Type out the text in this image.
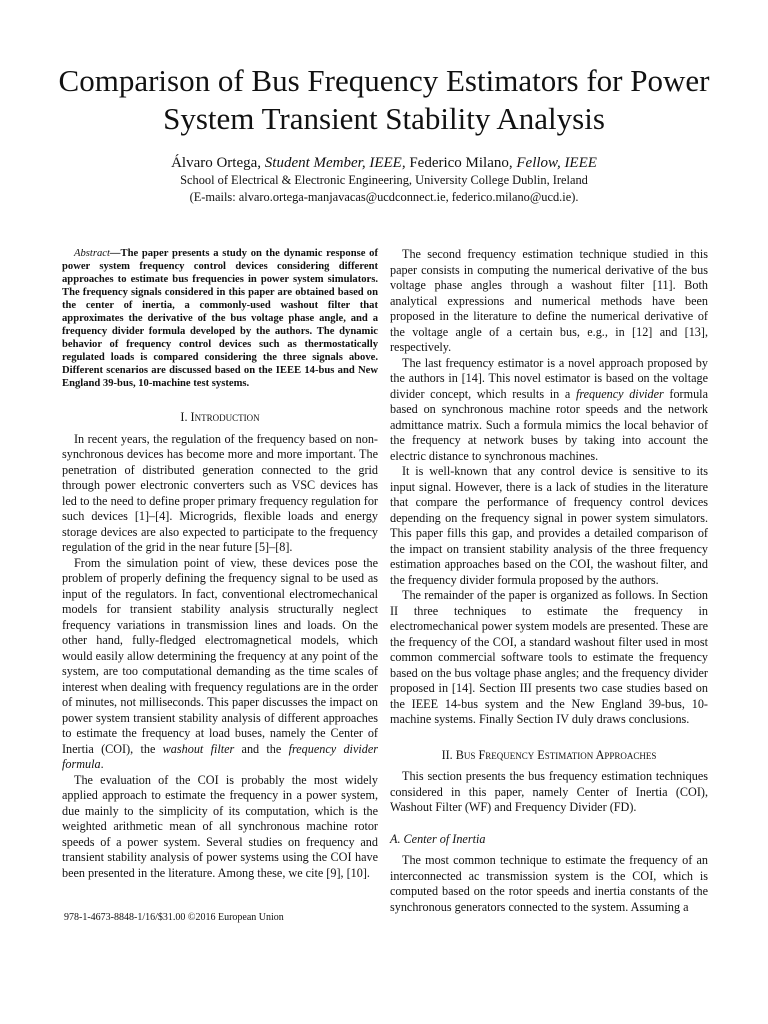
Comparison of Bus Frequency Estimators for Power System Transient Stability Analysis
Álvaro Ortega, Student Member, IEEE, Federico Milano, Fellow, IEEE
School of Electrical & Electronic Engineering, University College Dublin, Ireland
(E-mails: alvaro.ortega-manjavacas@ucdconnect.ie, federico.milano@ucd.ie).

Abstract—The paper presents a study on the dynamic response of power system frequency control devices considering different approaches to estimate bus frequencies in power system simulators. The frequency signals considered in this paper are obtained based on the center of inertia, a commonly-used washout filter that approximates the derivative of the bus voltage phase angle, and a frequency divider formula developed by the authors. The dynamic behavior of frequency control devices such as thermostatically regulated loads is compared considering the three signals above. Different scenarios are discussed based on the IEEE 14-bus and New England 39-bus, 10-machine test systems.

I. Introduction

In recent years, the regulation of the frequency based on non-synchronous devices has become more and more important. The penetration of distributed generation connected to the grid through power electronic converters such as VSC devices has led to the need to define proper primary frequency regulation for such devices [1]–[4]. Microgrids, flexible loads and energy storage devices are also expected to participate to the frequency regulation of the grid in the near future [5]–[8].

From the simulation point of view, these devices pose the problem of properly defining the frequency signal to be used as input of the regulators. In fact, conventional electromechanical models for transient stability analysis structurally neglect frequency variations in transmission lines and loads. On the other hand, fully-fledged electromagnetical models, which would easily allow determining the frequency at any point of the system, are too computational demanding as the time scales of interest when dealing with frequency regulations are in the order of minutes, not milliseconds. This paper discusses the impact on power system transient stability analysis of different approaches to estimate the frequency at load buses, namely the Center of Inertia (COI), the washout filter and the frequency divider formula.

The evaluation of the COI is probably the most widely applied approach to estimate the frequency in a power system, due mainly to the simplicity of its computation, which is the weighted arithmetic mean of all synchronous machine rotor speeds of a power system. Several studies on frequency and transient stability analysis of power systems using the COI have been presented in the literature. Among these, we cite [9], [10].

The second frequency estimation technique studied in this paper consists in computing the numerical derivative of the bus voltage phase angles through a washout filter [11]. Both analytical expressions and numerical methods have been proposed in the literature to define the numerical derivative of the voltage angle of a certain bus, e.g., in [12] and [13], respectively.

The last frequency estimator is a novel approach proposed by the authors in [14]. This novel estimator is based on the voltage divider concept, which results in a frequency divider formula based on synchronous machine rotor speeds and the network admittance matrix. Such a formula mimics the local behavior of the frequency at network buses by taking into account the electric distance to synchronous machines.

It is well-known that any control device is sensitive to its input signal. However, there is a lack of studies in the literature that compare the performance of frequency control devices depending on the frequency signal in power system simulators. This paper fills this gap, and provides a detailed comparison of the impact on transient stability analysis of the three frequency estimation approaches based on the COI, the washout filter, and the frequency divider formula proposed by the authors.

The remainder of the paper is organized as follows. In Section II three techniques to estimate the frequency in electromechanical power system models are presented. These are the frequency of the COI, a standard washout filter used in most common commercial software tools to estimate the frequency based on the bus voltage phase angles; and the frequency divider proposed in [14]. Section III presents two case studies based on the IEEE 14-bus system and the New England 39-bus, 10-machine systems. Finally Section IV duly draws conclusions.

II. Bus Frequency Estimation Approaches

This section presents the bus frequency estimation techniques considered in this paper, namely Center of Inertia (COI), Washout Filter (WF) and Frequency Divider (FD).

A. Center of Inertia

The most common technique to estimate the frequency of an interconnected ac transmission system is the COI, which is computed based on the rotor speeds and inertia constants of the synchronous generators connected to the system. Assuming a

978-1-4673-8848-1/16/$31.00 ©2016 European Union
